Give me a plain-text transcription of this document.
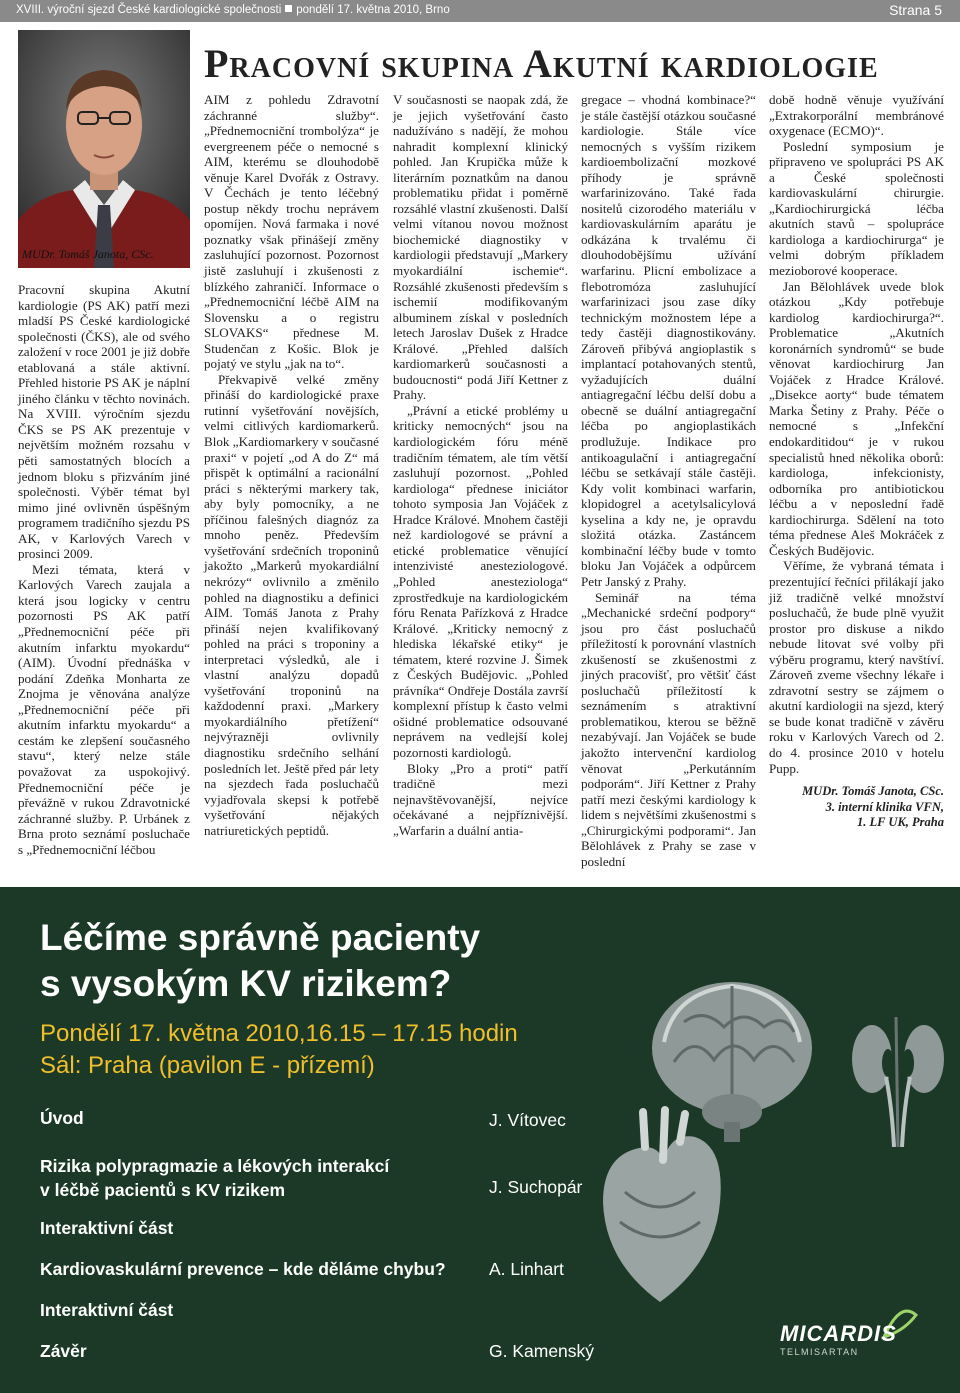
XVIII. výroční sjezd České kardiologické společnosti pondělí 17. května 2010, Brno	Strana 5
MUDr. Tomáš Janota, CSc.
Pracovní skupina Akutní kardiologie

Pracovní skupina Akutní kardiologie (PS AK) patří mezi mladší PS České kardiologické společnosti (ČKS), ale od svého založení v roce 2001 je již dobře etablovaná a stále aktivní. Přehled historie PS AK je náplní jiného článku v těchto novinách. Na XVIII. výročním sjezdu ČKS se PS AK prezentuje v největším možném rozsahu v pěti samostatných blocích a jednom bloku s přizváním jiné společnosti. Výběr témat byl mimo jiné ovlivněn úspěšným programem tradičního sjezdu PS AK, v Karlových Varech v prosinci 2009.

Mezi témata, která v Karlových Varech zaujala a která jsou logicky v centru pozornosti PS AK patří „Přednemocniční péče při akutním infarktu myokardu“ (AIM). Úvodní přednáška v podání Zdeňka Monharta ze Znojma je věnována analýze „Přednemocniční péče při akutním infarktu myokardu“ a cestám ke zlepšení současného stavu“, který nelze stále považovat za uspokojivý. Přednemocniční péče je převážně v rukou Zdravotnické záchranné služby. P. Urbánek z Brna proto seznámí posluchače s „Přednemocniční léčbou

AIM z pohledu Zdravotní záchranné služby“. „Přednemocniční trombolýza“ je evergreenem péče o nemocné s AIM, kterému se dlouhodobě věnuje Karel Dvořák z Ostravy. V Čechách je tento léčebný postup někdy trochu neprávem opomíjen. Nová farmaka i nové poznatky však přinášejí změny zasluhující pozornost. Pozornost jistě zasluhují i zkušenosti z blízkého zahraničí. Informace o „Přednemocniční léčbě AIM na Slovensku a o registru SLOVAKS“ přednese M. Studenčan z Košic. Blok je pojatý ve stylu „jak na to“.

Překvapivě velké změny přináší do kardiologické praxe rutinní vyšetřování novějších, velmi citlivých kardiomarkerů. Blok „Kardiomarkery v současné praxi“ v pojetí „od A do Z“ má přispět k optimální a racionální práci s některými markery tak, aby byly pomocníky, a ne příčinou falešných diagnóz za mnoho peněz. Především vyšetřování srdečních troponinů jakožto „Markerů myokardiální nekrózy“ ovlivnilo a změnilo pohled na diagnostiku a definici AIM. Tomáš Janota z Prahy přináší nejen kvalifikovaný pohled na práci s troponiny a interpretaci výsledků, ale i vlastní analýzu dopadů vyšetřování troponinů na každodenní praxi. „Markery myokardiálního přetížení“ nejvýrazněji ovlivnily diagnostiku srdečního selhání posledních let. Ještě před pár lety na sjezdech řada posluchačů vyjadřovala skepsi k potřebě vyšetřování nějakých natriuretických peptidů.

V současnosti se naopak zdá, že je jejich vyšetřování často nadužíváno s nadějí, že mohou nahradit komplexní klinický pohled. Jan Krupička může k literárním poznatkům na danou problematiku přidat i poměrně rozsáhlé vlastní zkušenosti. Další velmi vítanou novou možnost biochemické diagnostiky v kardiologii představují „Markery myokardiální ischemie“. Rozsáhlé zkušenosti především s ischemií modifikovaným albuminem získal v posledních letech Jaroslav Dušek z Hradce Králové. „Přehled dalších kardiomarkerů současnosti a budoucnosti“ podá Jiří Kettner z Prahy.

„Právní a etické problémy u kriticky nemocných“ jsou na kardiologickém fóru méně tradičním tématem, ale tím větší zasluhují pozornost. „Pohled kardiologa“ přednese iniciátor tohoto symposia Jan Vojáček z Hradce Králové. Mnohem častěji než kardiologové se právní a etické problematice věnující intenzivisté anesteziologové. „Pohled anesteziologa“ zprostředkuje na kardiologickém fóru Renata Pařízková z Hradce Králové. „Kriticky nemocný z hlediska lékařské etiky“ je tématem, které rozvine J. Šimek z Českých Budějovic. „Pohled právníka“ Ondřeje Dostála završí komplexní přístup k často velmi ošidné problematice odsouvané neprávem na vedlejší kolej pozornosti kardiologů.

Bloky „Pro a proti“ patří tradičně mezi nejnavštěvovanější, nejvíce očekávané a nejpříznivější. „Warfarin a duální antia-

gregace – vhodná kombinace?“ je stále častější otázkou současné kardiologie. Stále více nemocných s vyšším rizikem kardioembolizační mozkové příhody je správně warfarinizováno. Také řada nositelů cizorodého materiálu v kardiovaskulárním aparátu je odkázána k trvalému či dlouhodobějšímu užívání warfarinu. Plicní embolizace a flebotromóza zasluhující warfarinizaci jsou zase díky technickým možnostem lépe a tedy častěji diagnostikovány. Zároveň přibývá angioplastik s implantací potahovaných stentů, vyžadujících duální antiagregační léčbu delší dobu a obecně se duální antiagregační léčba po angioplastikách prodlužuje. Indikace pro antikoagulační i antiagregační léčbu se setkávají stále častěji. Kdy volit kombinaci warfarin, klopidogrel a acetylsalicylová kyselina a kdy ne, je opravdu složitá otázka. Zastáncem kombinační léčby bude v tomto bloku Jan Vojáček a odpůrcem Petr Janský z Prahy.

Seminář na téma „Mechanické srdeční podpory“ jsou pro část posluchačů příležitostí k porovnání vlastních zkušeností se zkušenostmi z jiných pracovišť, pro většiť část posluchačů příležitostí k seznámením s atraktivní problematikou, kterou se běžně nezabývají. Jan Vojáček se bude jakožto intervenční kardiolog věnovat „Perkutánním podporám“. Jiří Kettner z Prahy patří mezi českými kardiology k lidem s největšími zkušenostmi s „Chirurgickými podporami“. Jan Bělohlávek z Prahy se zase v poslední

době hodně věnuje využívání „Extrakorporální membránové oxygenace (ECMO)“.

Poslední symposium je připraveno ve spolupráci PS AK a České společnosti kardiovaskulární chirurgie. „Kardiochirurgická léčba akutních stavů – spolupráce kardiologa a kardiochirurga“ je velmi dobrým příkladem mezioborové kooperace.

Jan Bělohlávek uvede blok otázkou „Kdy potřebuje kardiolog kardiochirurga?“. Problematice „Akutních koronárních syndromů“ se bude věnovat kardiochirurg Jan Vojáček z Hradce Králové. „Disekce aorty“ bude tématem Marka Šetiny z Prahy. Péče o nemocné s „Infekční endokarditidou“ je v rukou specialistů hned několika oborů: kardiologa, infekcionisty, odborníka pro antibiotickou léčbu a v neposlední řadě kardiochirurga. Sdělení na toto téma přednese Aleš Mokráček z Českých Budějovic.

Věříme, že vybraná témata i prezentující řečníci přilákají jako již tradičně velké množství posluchačů, že bude plně využit prostor pro diskuse a nikdo nebude litovat své volby při výběru programu, který navštíví. Zároveň zveme všechny lékaře i zdravotní sestry se zájmem o akutní kardiologii na sjezd, který se bude konat tradičně v závěru roku v Karlových Varech od 2. do 4. prosince 2010 v hotelu Pupp.

MUDr. Tomáš Janota, CSc.
3. interní klinika VFN,
1. LF UK, Praha
Léčíme správně pacienty
s vysokým KV rizikem?
Pondělí 17. května 2010,16.15 – 17.15 hodin
Sál: Praha (pavilon E - přízemí)
Úvod	J. Vítovec
Rizika polypragmazie a lékových interakcí
v léčbě pacientů s KV rizikem	J. Suchopár
Interaktivní část
Kardiovaskulární prevence – kde děláme chybu? A. Linhart
Interaktivní část
Závěr	G. Kamenský
MICARDIS
TELMISARTAN
